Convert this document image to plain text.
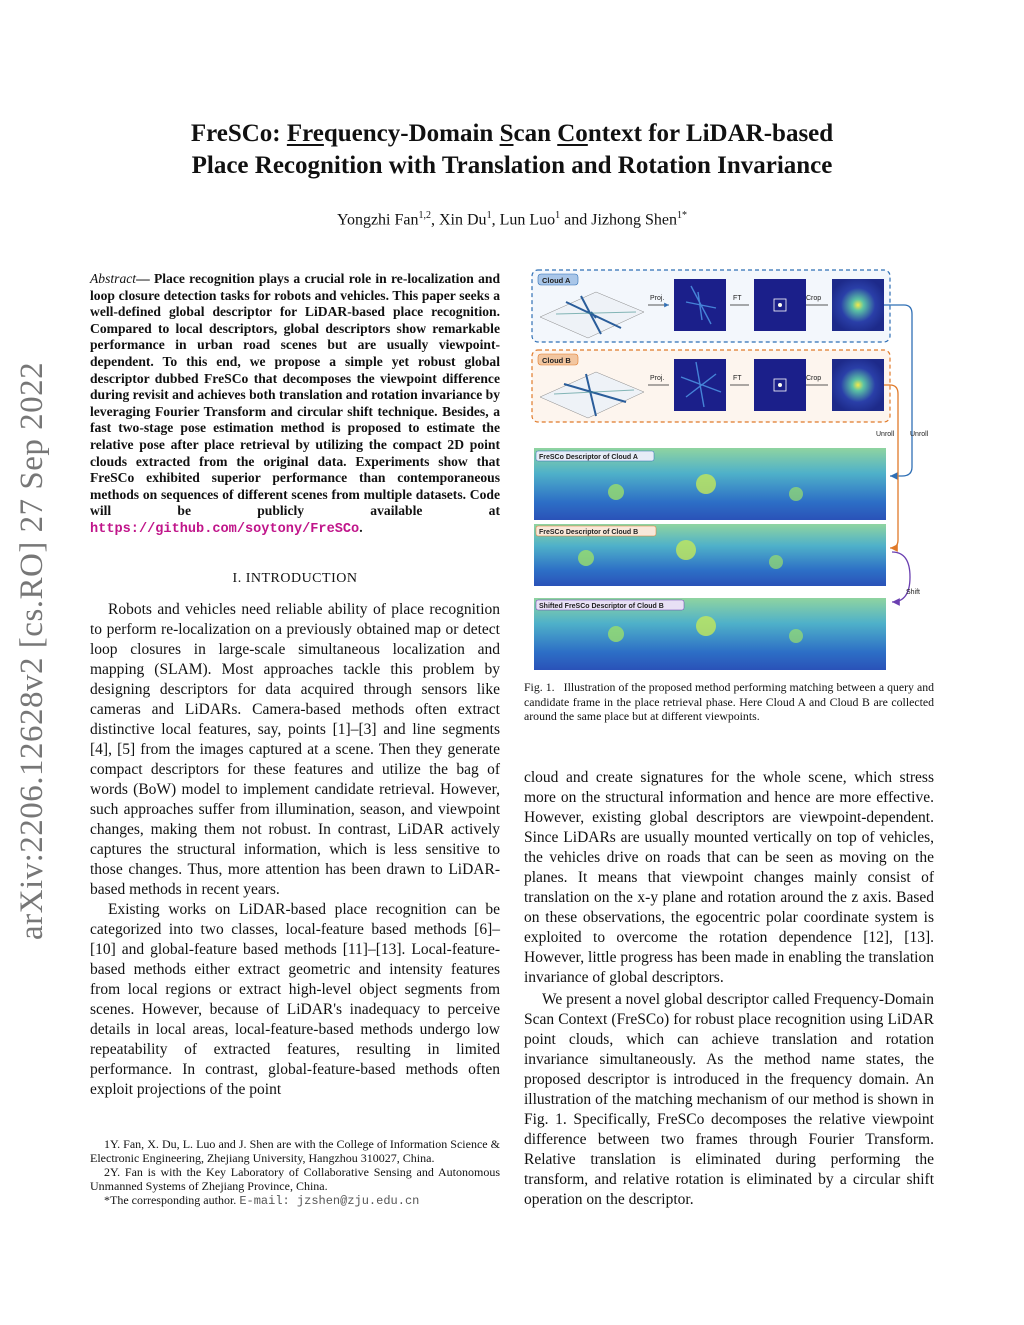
arXiv:2206.12628v2 [cs.RO] 27 Sep 2022
FreSCo: Frequency-Domain Scan Context for LiDAR-based
Place Recognition with Translation and Rotation Invariance
Yongzhi Fan$^{1,2}$, Xin Du$^1$, Lun Luo$^1$ and Jizhong Shen$^{1*}$
Abstract— Place recognition plays a crucial role in re-localization and loop closure detection tasks for robots and vehicles. This paper seeks a well-defined global descriptor for LiDAR-based place recognition. Compared to local descriptors, global descriptors show remarkable performance in urban road scenes but are usually viewpoint-dependent. To this end, we propose a simple yet robust global descriptor dubbed FreSCo that decomposes the viewpoint difference during revisit and achieves both translation and rotation invariance by leveraging Fourier Transform and circular shift technique. Besides, a fast two-stage pose estimation method is proposed to estimate the relative pose after place retrieval by utilizing the compact 2D point clouds extracted from the original data. Experiments show that FreSCo exhibited superior performance than contemporaneous methods on sequences of different scenes from multiple datasets. Code will be publicly available at https://github.com/soytony/FreSCo.
I. INTRODUCTION

Robots and vehicles need reliable ability of place recognition to perform re-localization on a previously obtained map or detect loop closures in large-scale simultaneous localization and mapping (SLAM). Most approaches tackle this problem by designing descriptors for data acquired through sensors like cameras and LiDARs. Camera-based methods often extract distinctive local features, say, points [1]–[3] and line segments [4], [5] from the images captured at a scene. Then they generate compact descriptors for these features and utilize the bag of words (BoW) model to implement candidate retrieval. However, such approaches suffer from illumination, season, and viewpoint changes, making them not robust. In contrast, LiDAR actively captures the structural information, which is less sensitive to those changes. Thus, more attention has been drawn to LiDAR-based methods in recent years.

Existing works on LiDAR-based place recognition can be categorized into two classes, local-feature based methods [6]–[10] and global-feature based methods [11]–[13]. Local-feature-based methods either extract geometric and intensity features from local regions or extract high-level object segments from scenes. However, because of LiDAR's inadequacy to perceive details in local areas, local-feature-based methods undergo low repeatability of extracted features, resulting in limited performance. In contrast, global-feature-based methods often exploit projections of the point

1Y. Fan, X. Du, L. Luo and J. Shen are with the College of Information Science & Electronic Engineering, Zhejiang University, Hangzhou 310027, China.

2Y. Fan is with the Key Laboratory of Collaborative Sensing and Autonomous Unmanned Systems of Zhejiang Province, China.

*The corresponding author. E-mail: jzshen@zju.edu.cn

Cloud A
Proj.	FT	Crop
Cloud B
Proj.	FT	Crop
Unroll
Unroll
Shift
FreSCo Descriptor of Cloud A
FreSCo Descriptor of Cloud B
Shifted FreSCo Descriptor of Cloud B
Fig. 1. Illustration of the proposed method performing matching between a query and candidate frame in the place retrieval phase. Here Cloud A and Cloud B are collected around the same place but at different viewpoints.

cloud and create signatures for the whole scene, which stress more on the structural information and hence are more effective. However, existing global descriptors are viewpoint-dependent. Since LiDARs are usually mounted vertically on top of vehicles, the vehicles drive on roads that can be seen as moving on the planes. It means that viewpoint changes mainly consist of translation on the x-y plane and rotation around the z axis. Based on these observations, the egocentric polar coordinate system is exploited to overcome the rotation dependence [12], [13]. However, little progress has been made in enabling the translation invariance of global descriptors.

We present a novel global descriptor called Frequency-Domain Scan Context (FreSCo) for robust place recognition using LiDAR point clouds, which can achieve translation and rotation invariance simultaneously. As the method name states, the proposed descriptor is introduced in the frequency domain. An illustration of the matching mechanism of our method is shown in Fig. 1. Specifically, FreSCo decomposes the relative viewpoint difference between two frames through Fourier Transform. Relative translation is eliminated during performing the transform, and relative rotation is eliminated by a circular shift operation on the descriptor.
